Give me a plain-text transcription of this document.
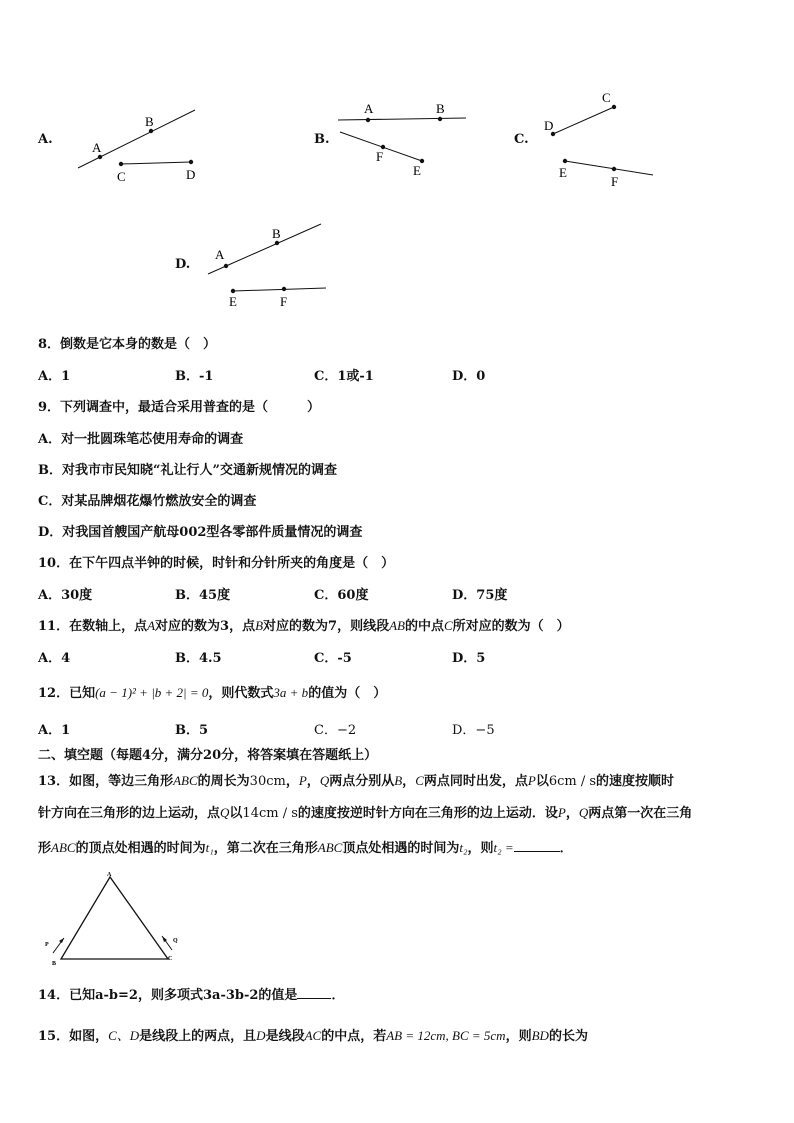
A.
A
B
C	D
B.
A	B
F
E
C.
C
D
E
F
D.
A
B
E	F
8．倒数是它本身的数是（　）
A．1	B．-1	C．1或-1	D．0
9．下列调查中，最适合采用普查的是（　　　）
A．对一批圆珠笔芯使用寿命的调查
B．对我市市民知晓“礼让行人”交通新规情况的调查
C．对某品牌烟花爆竹燃放安全的调查
D．对我国首艘国产航母002型各零部件质量情况的调查
10．在下午四点半钟的时候，时针和分针所夹的角度是（　）
A．30度	B．45度	C．60度	D．75度
11．在数轴上，点A对应的数为3，点B对应的数为7，则线段AB的中点C所对应的数为（　）
A．4	B．4.5	C．-5	D．5
12．已知(a − 1)² + |b + 2| = 0，则代数式3a + b的值为（　）
A．1	B．5	C．−2	D．−5
二、填空题（每题4分，满分20分，将答案填在答题纸上）
13．如图，等边三角形ABC的周长为30cm，P，Q两点分别从B，C两点同时出发，点P以6cm / s的速度按顺时
针方向在三角形的边上运动，点Q以14cm / s的速度按逆时针方向在三角形的边上运动．设P，Q两点第一次在三角
形ABC的顶点处相遇的时间为t₁，第二次在三角形ABC顶点处相遇的时间为t₂，则t₂ =	．
A
B
C
P
Q
14．已知a-b=2，则多项式3a-3b-2的值是	．
15．如图，C、D是线段上的两点，且D是线段AC的中点，若AB = 12cm, BC = 5cm，则BD的长为
